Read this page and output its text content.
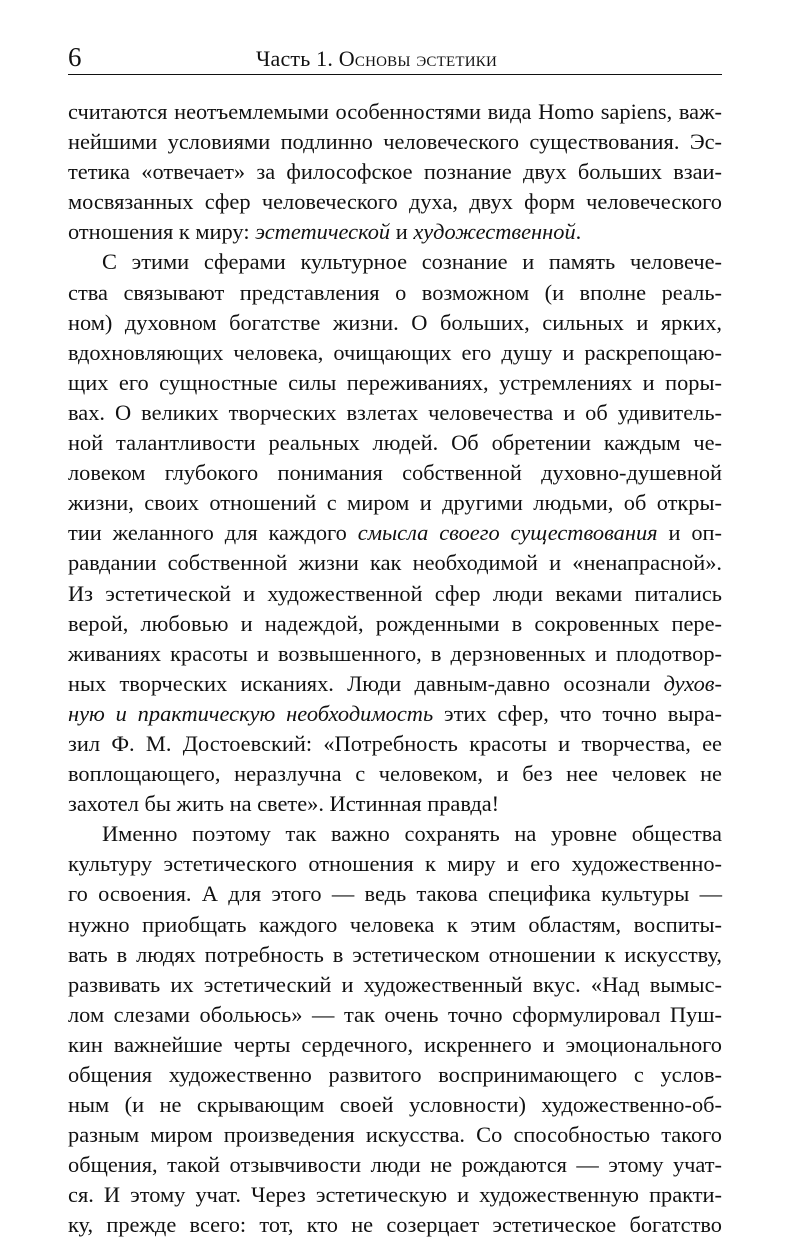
6	Часть 1. Основы эстетики
считаются неотъемлемыми особенностями вида Homo sapiens, важ-
нейшими условиями подлинно человеческого существования. Эс-
тетика «отвечает» за философское познание двух больших взаи-
мосвязанных сфер человеческого духа, двух форм человеческого
отношения к миру: эстетической и художественной.
С этими сферами культурное сознание и память человече-
ства связывают представления о возможном (и вполне реаль-
ном) духовном богатстве жизни. О больших, сильных и ярких,
вдохновляющих человека, очищающих его душу и раскрепощаю-
щих его сущностные силы переживаниях, устремлениях и поры-
вах. О великих творческих взлетах человечества и об удивитель-
ной талантливости реальных людей. Об обретении каждым че-
ловеком глубокого понимания собственной духовно-душевной
жизни, своих отношений с миром и другими людьми, об откры-
тии желанного для каждого смысла своего существования и оп-
равдании собственной жизни как необходимой и «ненапрасной».
Из эстетической и художественной сфер люди веками питались
верой, любовью и надеждой, рожденными в сокровенных пере-
живаниях красоты и возвышенного, в дерзновенных и плодотвор-
ных творческих исканиях. Люди давным-давно осознали духов-
ную и практическую необходимость этих сфер, что точно выра-
зил Ф. М. Достоевский: «Потребность красоты и творчества, ее
воплощающего, неразлучна с человеком, и без нее человек не
захотел бы жить на свете». Истинная правда!
Именно поэтому так важно сохранять на уровне общества
культуру эстетического отношения к миру и его художественно-
го освоения. А для этого — ведь такова специфика культуры —
нужно приобщать каждого человека к этим областям, воспиты-
вать в людях потребность в эстетическом отношении к искусству,
развивать их эстетический и художественный вкус. «Над вымыс-
лом слезами обольюсь» — так очень точно сформулировал Пуш-
кин важнейшие черты сердечного, искреннего и эмоционального
общения художественно развитого воспринимающего с услов-
ным (и не скрывающим своей условности) художественно-об-
разным миром произведения искусства. Со способностью такого
общения, такой отзывчивости люди не рождаются — этому учат-
ся. И этому учат. Через эстетическую и художественную практи-
ку, прежде всего: тот, кто не созерцает эстетическое богатство
